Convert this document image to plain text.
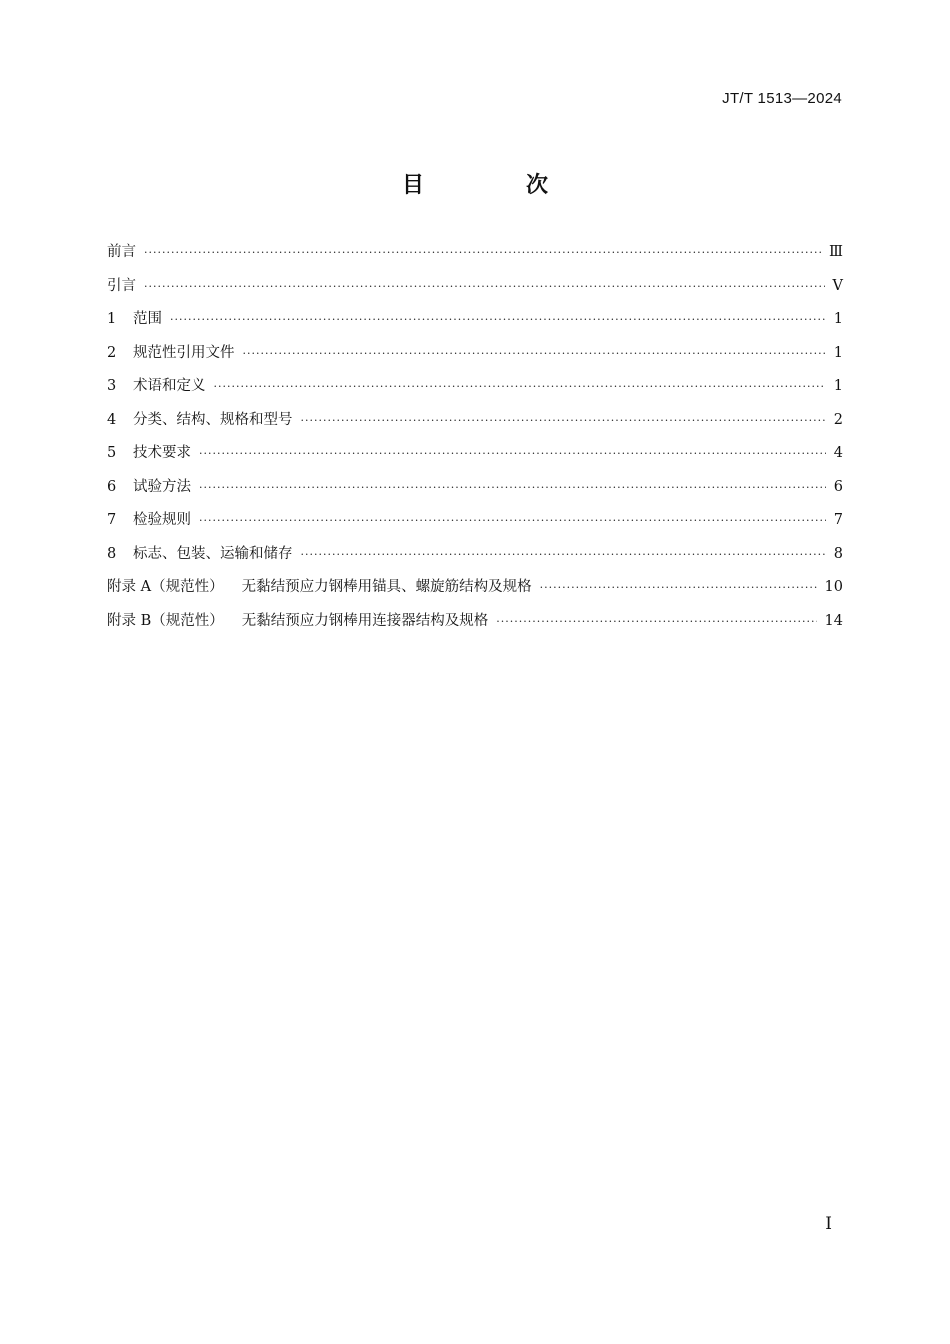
JT/T 1513—2024
目　次
前言 ·····	Ⅲ
引言 ·····	Ⅴ
1	范围 ·····	1
2	规范性引用文件 ·····	1
3	术语和定义 ·····	1
4	分类、结构、规格和型号 ·····	2
5	技术要求 ·····	4
6	试验方法 ·····	6
7	检验规则 ·····	7
8	标志、包装、运输和储存 ·····	8
附录 A（规范性） 无黏结预应力钢棒用锚具、螺旋筋结构及规格 ·····	10
附录 B（规范性） 无黏结预应力钢棒用连接器结构及规格 ·····	14
Ⅰ
